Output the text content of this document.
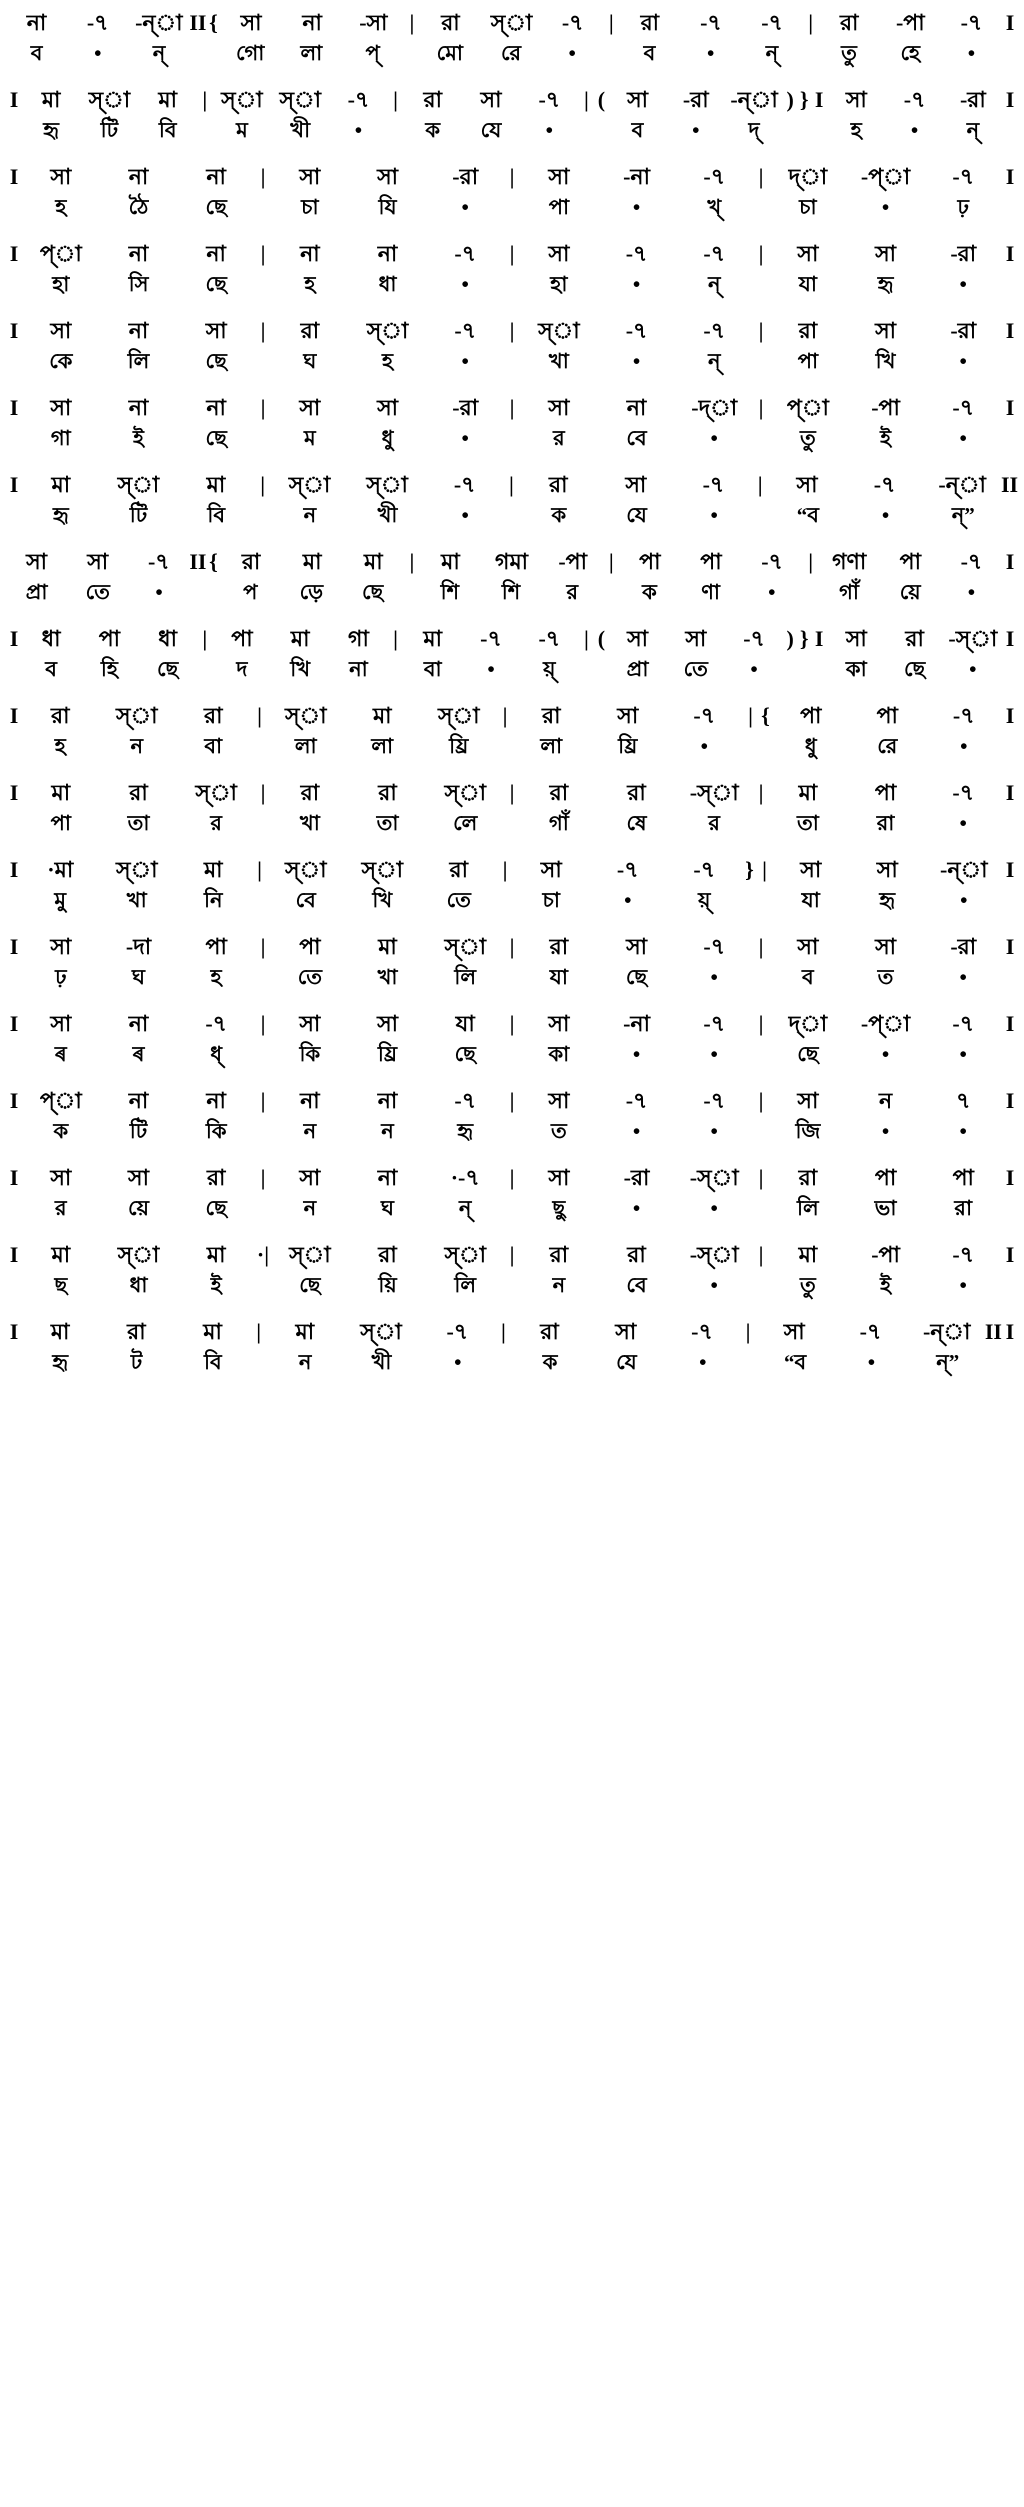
না	-৭	-ন্া II {	সা	না	-সা	|	রা	স্া	-৭	|	রা	-৭	-৭	|	রা	-পা	-৭	I
ব	•	ন্	গো	লা	প্	মো	রে	•	ব	•	ন্	তু	হে	•
I	মা	স্া	মা	| স্া স্া	-৭	|	রা	সা	-৭	| (	সা	-রা -ন্া ) } I	সা	-৭	-রা I
হৃ	টি	বি	ম	খী	•	ক	যে	•	ব	•	দ্	হ	•	ন্
I	সা	না	না	|	সা	সা	-রা	|	সা	-না	-৭	|	দ্া	-প্া	-৭	I
হ	ঠৈ	ছে	চা	যি	•	পা	•	খ্	চা	•	ঢ়
I প্া	না	না	|	না	না	-৭	|	সা	-৭	-৭	|	সা	সা	-রা	I
হা	সি	ছে	হ	ধা	•	হা	•	ন্	যা	হৃ	•
I	সা	না	সা	|	রা	স্া	-৭	|	স্া	-৭	-৭	|	রা	সা	-রা	I
কে	লি	ছে	ঘ	হ	•	খা	•	ন্	পা	খি	•
I	সা	না	না	|	সা	সা	-রা	|	সা	না	-দ্া |	প্া	-পা	-৭	I
গা	ই	ছে	ম	ধু	•	র	বে	•	তু	ই	•
I	মা	স্া	মা	|	স্া	স্া	-৭	|	রা	সা	-৭	|	সা	-৭	-ন্া II
হৃ	টি	বি	ন	খী	•	ক	যে	•	“ব	•	ন্”
সা	সা	-৭ II {	রা	মা	মা	|	মা	গমা	-পা |	পা	পা	-৭	| গণা	পা	-৭	I
প্রা	তে	•	প	ড়ে	ছে	শি	শি	র	ক	ণা	•	গাঁ	য়ে	•
I	ধা	পা	ধা	|	পা	মা	গা	|	মা	-৭	-৭	| (	সা	সা	-৭ ) } I	সা	রা	-স্া I
ব	হি	ছে	দ	খি	না	বা	•	য়্	প্রা	তে	•	কা	ছে	•
I	রা	স্া	রা	|	স্া	মা	স্া	|	রা	সা	-৭	| {	পা	পা	-৭	I
হ	ন	বা	লা	লা	য্রি	লা	য্রি	•	ধু	রে	•
I	মা	রা	স্া	|	রা	রা	স্া	|	রা	রা	-স্া |	মা	পা	-৭	I
পা	তা	র	খা	তা	লে	গাঁ	ষে	র	তা	রা	•
I	·মা	স্া	মা	|	স্া	স্া	রা	|	সা	-৭	-৭	} |	সা	সা	-ন্া I
মু	খা	নি	বে	খি	তে	চা	•	য়্	যা	হৃ	•
I	সা	-দা	পা	|	পা	মা	স্া	|	রা	সা	-৭	|	সা	সা	-রা	I
ঢ়	ঘ	হ	তে	খা	লি	যা	ছে	•	ব	ত	•
I	সা	না	-৭	|	সা	সা	যা	|	সা	-না	-৭	|	দ্া	-প্া	-৭	I
ৰ	ৰ	ধ্	কি	য্রি	ছে	কা	•	•	ছে	•	•
I প্া	না	না	|	না	না	-৭	|	সা	-৭	-৭	|	সা	ন	৭	I
ক	টি	কি	ন	ন	হৃ	ত	•	•	জি	•	•
I	সা	সা	রা	|	সা	না	·-৭	|	সা	-রা	-স্া |	রা	পা	পা	I
র	য়ে	ছে	ন	ঘ	ন্	ছু	•	•	লি	ভা	রা
I	মা	স্া	মা	·| স্া	রা	স্া	|	রা	রা	-স্া |	মা	-পা	-৭	I
ছ	ধা	ই	ছে	য়ি	লি	ন	বে	•	তু	ই	•
I	মা	রা	মা	|	মা	স্া	-৭	|	রা	সা	-৭	|	সা	-৭	-ন্া II I
হৃ	ট	বি	ন	খী	•	ক	যে	•	“ব	•	ন্”
